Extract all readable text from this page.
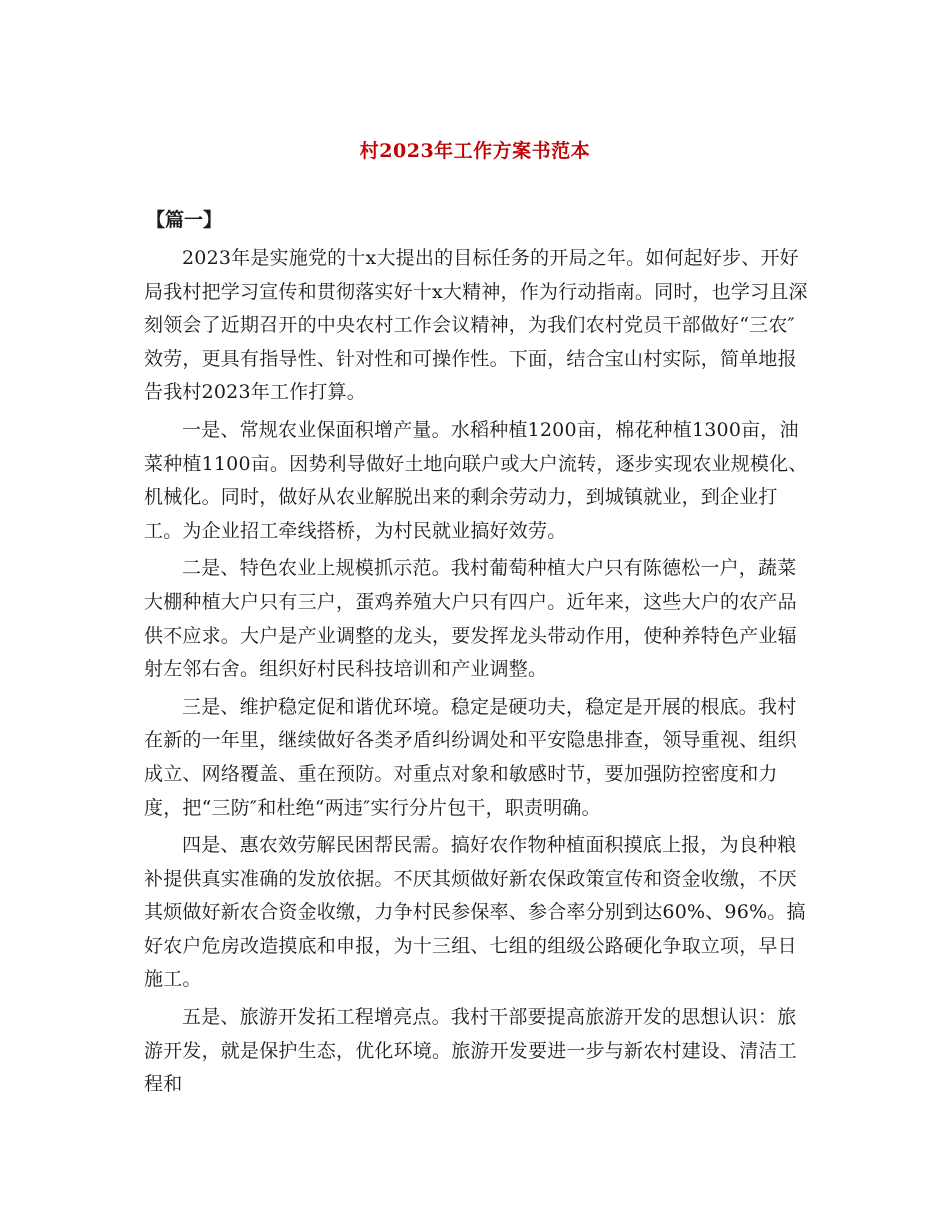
村2023年工作方案书范本
【篇一】

2023年是实施党的十x大提出的目标任务的开局之年。如何起好步、开好局我村把学习宣传和贯彻落实好十x大精神，作为行动指南。同时，也学习且深刻领会了近期召开的中央农村工作会议精神，为我们农村党员干部做好“三农″效劳，更具有指导性、针对性和可操作性。下面，结合宝山村实际，简单地报告我村2023年工作打算。

一是、常规农业保面积增产量。水稻种植1200亩，棉花种植1300亩，油菜种植1100亩。因势利导做好土地向联户或大户流转，逐步实现农业规模化、机械化。同时，做好从农业解脱出来的剩余劳动力，到城镇就业，到企业打工。为企业招工牵线搭桥，为村民就业搞好效劳。

二是、特色农业上规模抓示范。我村葡萄种植大户只有陈德松一户，蔬菜大棚种植大户只有三户，蛋鸡养殖大户只有四户。近年来，这些大户的农产品供不应求。大户是产业调整的龙头，要发挥龙头带动作用，使种养特色产业辐射左邻右舍。组织好村民科技培训和产业调整。

三是、维护稳定促和谐优环境。稳定是硬功夫，稳定是开展的根底。我村在新的一年里，继续做好各类矛盾纠纷调处和平安隐患排查，领导重视、组织成立、网络覆盖、重在预防。对重点对象和敏感时节，要加强防控密度和力度，把“三防″和杜绝“两违″实行分片包干，职责明确。

四是、惠农效劳解民困帮民需。搞好农作物种植面积摸底上报，为良种粮补提供真实准确的发放依据。不厌其烦做好新农保政策宣传和资金收缴，不厌其烦做好新农合资金收缴，力争村民参保率、参合率分别到达60%、96%。搞好农户危房改造摸底和申报，为十三组、七组的组级公路硬化争取立项，早日施工。

五是、旅游开发拓工程增亮点。我村干部要提高旅游开发的思想认识：旅游开发，就是保护生态，优化环境。旅游开发要进一步与新农村建设、清洁工程和
